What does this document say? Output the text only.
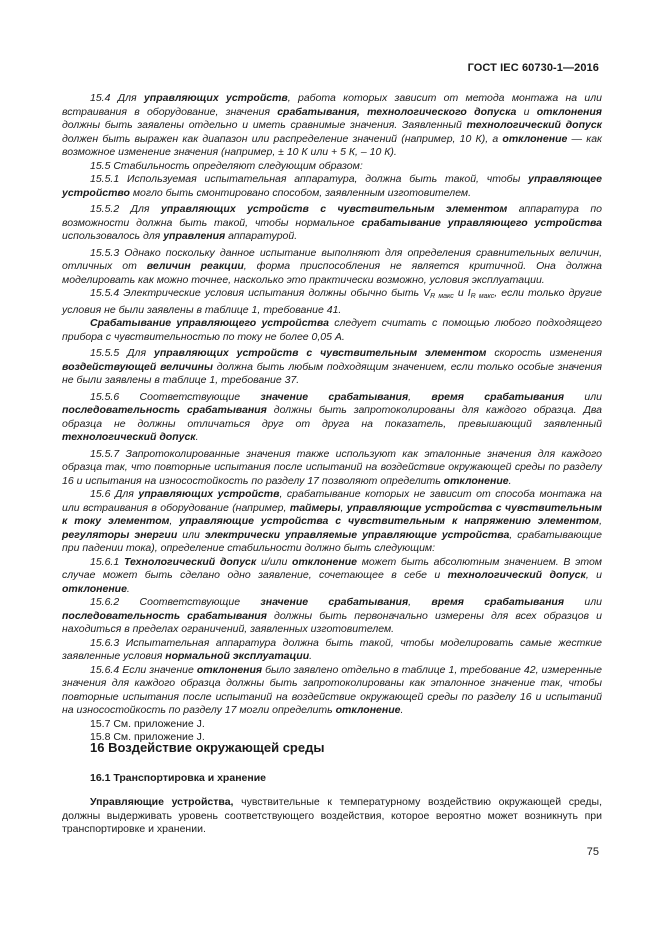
ГОСТ IEC 60730-1—2016

15.4 Для управляющих устройств, работа которых зависит от метода монтажа на или встраивания в оборудование, значения срабатывания, технологического допуска и отклонения должны быть заявлены отдельно и иметь сравнимые значения. Заявленный технологический допуск должен быть выражен как диапазон или распределение значений (например, 10 К), а отклонение — как возможное изменение значения (например, ± 10 К или + 5 К, – 10 К).

15.5 Стабильность определяют следующим образом:

15.5.1 Используемая испытательная аппаратура, должна быть такой, чтобы управляющее устройство могло быть смонтировано способом, заявленным изготовителем.

15.5.2 Для управляющих устройств с чувствительным элементом аппаратура по возможности должна быть такой, чтобы нормальное срабатывание управляющего устройства использовалось для управления аппаратурой.

15.5.3 Однако поскольку данное испытание выполняют для определения сравнительных величин, отличных от величин реакции, форма приспособления не является критичной. Она должна моделировать как можно точнее, насколько это практически возможно, условия эксплуатации.

15.5.4 Электрические условия испытания должны обычно быть $V_{R макс}$ и $I_{R макс}$, если только другие условия не были заявлены в таблице 1, требование 41.

Срабатывание управляющего устройства следует считать с помощью любого подходящего прибора с чувствительностью по току не более 0,05 А.

15.5.5 Для управляющих устройств с чувствительным элементом скорость изменения воздействующей величины должна быть любым подходящим значением, если только особые значения не были заявлены в таблице 1, требование 37.

15.5.6 Соответствующие значение срабатывания, время срабатывания или последовательность срабатывания должны быть запротоколированы для каждого образца. Два образца не должны отличаться друг от друга на показатель, превышающий заявленный технологический допуск.

15.5.7 Запротоколированные значения также используют как эталонные значения для каждого образца так, что повторные испытания после испытаний на воздействие окружающей среды по разделу 16 и испытания на износостойкость по разделу 17 позволяют определить отклонение.

15.6 Для управляющих устройств, срабатывание которых не зависит от способа монтажа на или встраивания в оборудование (например, таймеры, управляющие устройства с чувствительным к току элементом, управляющие устройства с чувствительным к напряжению элементом, регуляторы энергии или электрически управляемые управляющие устройства, срабатывающие при падении тока), определение стабильности должно быть следующим:

15.6.1 Технологический допуск и/или отклонение может быть абсолютным значением. В этом случае может быть сделано одно заявление, сочетающее в себе и технологический допуск, и отклонение.

15.6.2 Соответствующие значение срабатывания, время срабатывания или последовательность срабатывания должны быть первоначально измерены для всех образцов и находиться в пределах ограничений, заявленных изготовителем.

15.6.3 Испытательная аппаратура должна быть такой, чтобы моделировать самые жесткие заявленные условия нормальной эксплуатации.

15.6.4 Если значение отклонения было заявлено отдельно в таблице 1, требование 42, измеренные значения для каждого образца должны быть запротоколированы как эталонное значение так, чтобы повторные испытания после испытаний на воздействие окружающей среды по разделу 16 и испытаний на износостойкость по разделу 17 могли определить отклонение.

15.7 См. приложение J.

15.8 См. приложение J.

16 Воздействие окружающей среды
16.1 Транспортировка и хранение

Управляющие устройства, чувствительные к температурному воздействию окружающей среды, должны выдерживать уровень соответствующего воздействия, которое вероятно может возникнуть при транспортировке и хранении.

75
